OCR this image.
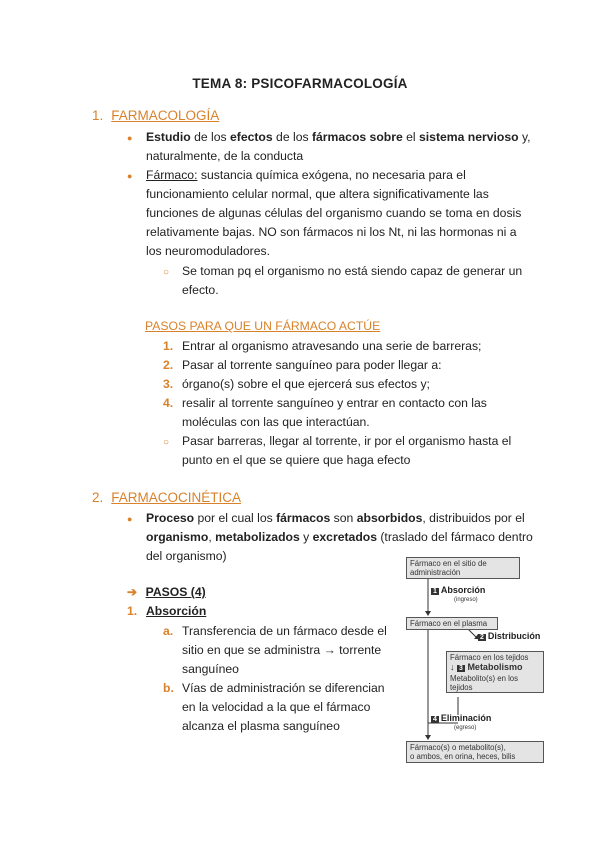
TEMA 8: PSICOFARMACOLOGÍA
1. FARMACOLOGÍA
● Estudio de los efectos de los fármacos sobre el sistema nervioso y,
naturalmente, de la conducta
● Fármaco: sustancia química exógena, no necesaria para el
funcionamiento celular normal, que altera significativamente las
funciones de algunas células del organismo cuando se toma en dosis
relativamente bajas. NO son fármacos ni los Nt, ni las hormonas ni a
los neuromoduladores.
○ Se toman pq el organismo no está siendo capaz de generar un
efecto.
PASOS PARA QUE UN FÁRMACO ACTÚE
1. Entrar al organismo atravesando una serie de barreras;
2. Pasar al torrente sanguíneo para poder llegar a:
3. órgano(s) sobre el que ejercerá sus efectos y;
4. resalir al torrente sanguíneo y entrar en contacto con las
moléculas con las que interactúan.
○ Pasar barreras, llegar al torrente, ir por el organismo hasta el
punto en el que se quiere que haga efecto
2. FARMACOCINÉTICA
● Proceso por el cual los fármacos son absorbidos, distribuidos por el
organismo, metabolizados y excretados (traslado del fármaco dentro
del organismo)
➔ PASOS (4)
1. Absorción
a. Transferencia de un fármaco desde el
sitio en que se administra → torrente
sanguíneo
b. Vías de administración se diferencian
en la velocidad a la que el fármaco
alcanza el plasma sanguíneo
Fármaco en el sitio de
administración
1 Absorción
(ingreso)
Fármaco en el plasma
2 Distribución
Fármaco en los tejidos
↓ 3 Metabolismo
Metabolito(s) en los
tejidos
4 Eliminación
(egreso)
Fármaco(s) o metabolito(s),
o ambos, en orina, heces, bilis
